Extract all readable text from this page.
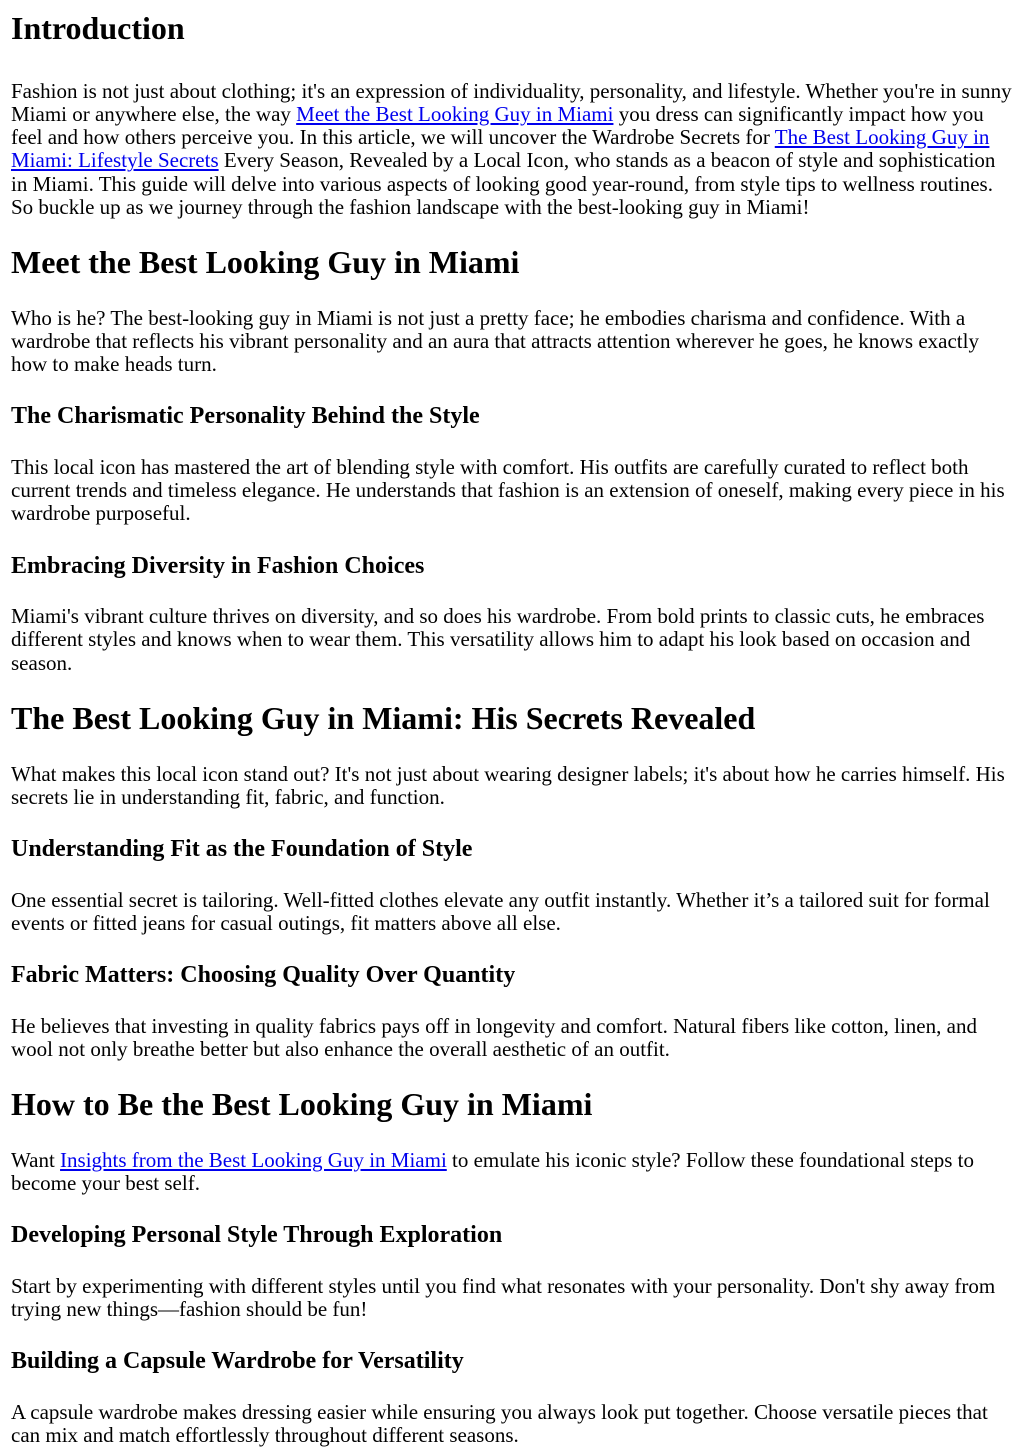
Introduction

Fashion is not just about clothing; it's an expression of individuality, personality, and lifestyle. Whether you're in sunny Miami or anywhere else, the way Meet the Best Looking Guy in Miami you dress can significantly impact how you feel and how others perceive you. In this article, we will uncover the Wardrobe Secrets for The Best Looking Guy in Miami: Lifestyle Secrets Every Season, Revealed by a Local Icon, who stands as a beacon of style and sophistication in Miami. This guide will delve into various aspects of looking good year-round, from style tips to wellness routines. So buckle up as we journey through the fashion landscape with the best-looking guy in Miami!

Meet the Best Looking Guy in Miami

Who is he? The best-looking guy in Miami is not just a pretty face; he embodies charisma and confidence. With a wardrobe that reflects his vibrant personality and an aura that attracts attention wherever he goes, he knows exactly how to make heads turn.

The Charismatic Personality Behind the Style

This local icon has mastered the art of blending style with comfort. His outfits are carefully curated to reflect both current trends and timeless elegance. He understands that fashion is an extension of oneself, making every piece in his wardrobe purposeful.

Embracing Diversity in Fashion Choices

Miami's vibrant culture thrives on diversity, and so does his wardrobe. From bold prints to classic cuts, he embraces different styles and knows when to wear them. This versatility allows him to adapt his look based on occasion and season.

The Best Looking Guy in Miami: His Secrets Revealed

What makes this local icon stand out? It's not just about wearing designer labels; it's about how he carries himself. His secrets lie in understanding fit, fabric, and function.

Understanding Fit as the Foundation of Style

One essential secret is tailoring. Well-fitted clothes elevate any outfit instantly. Whether it’s a tailored suit for formal events or fitted jeans for casual outings, fit matters above all else.

Fabric Matters: Choosing Quality Over Quantity

He believes that investing in quality fabrics pays off in longevity and comfort. Natural fibers like cotton, linen, and wool not only breathe better but also enhance the overall aesthetic of an outfit.

How to Be the Best Looking Guy in Miami

Want Insights from the Best Looking Guy in Miami to emulate his iconic style? Follow these foundational steps to become your best self.

Developing Personal Style Through Exploration

Start by experimenting with different styles until you find what resonates with your personality. Don't shy away from trying new things—fashion should be fun!

Building a Capsule Wardrobe for Versatility

A capsule wardrobe makes dressing easier while ensuring you always look put together. Choose versatile pieces that can mix and match effortlessly throughout different seasons.
